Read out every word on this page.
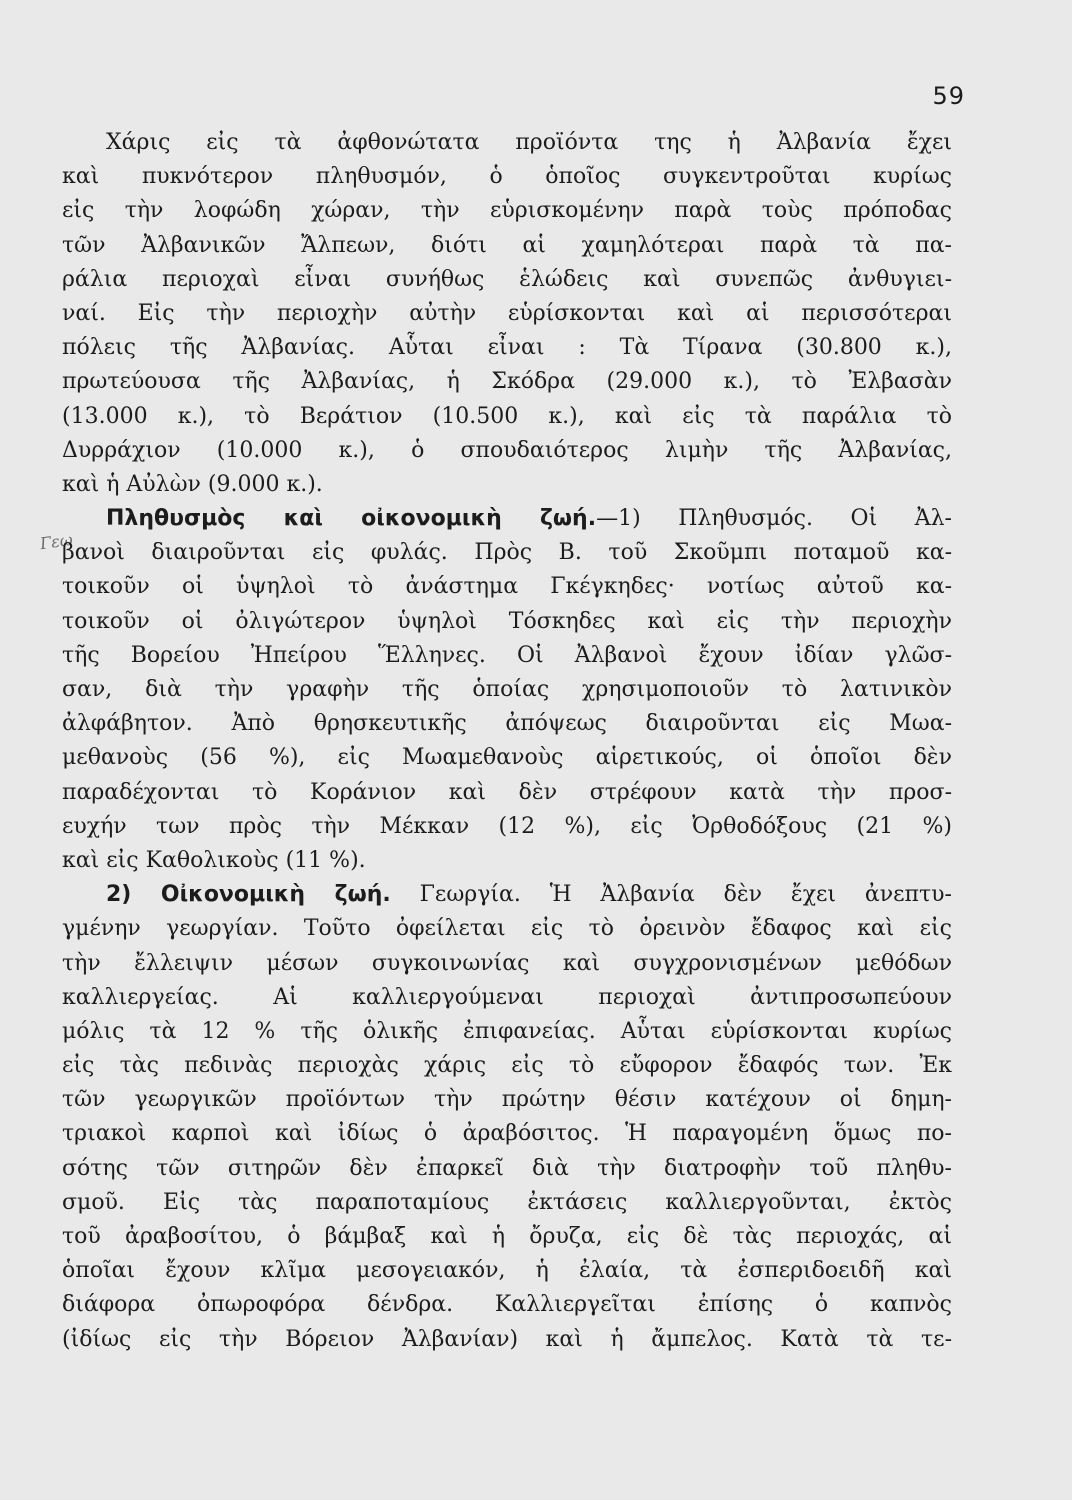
59
Γεω
Χάρις εἰς τὰ ἀφθονώτατα προϊόντα της ἡ Ἀλβανία ἔχει
καὶ πυκνότερον πληθυσμόν, ὁ ὁποῖος συγκεντροῦται κυρίως
εἰς τὴν λοφώδη χώραν, τὴν εὑρισκομένην παρὰ τοὺς πρόποδας
τῶν Ἀλβανικῶν Ἄλπεων, διότι αἱ χαμηλότεραι παρὰ τὰ πα-
ράλια περιοχαὶ εἶναι συνήθως ἑλώδεις καὶ συνεπῶς ἀνθυγιει-
ναί. Εἰς τὴν περιοχὴν αὐτὴν εὑρίσκονται καὶ αἱ περισσότεραι
πόλεις τῆς Ἀλβανίας. Αὗται εἶναι : Τὰ Τίρανα (30.800 κ.),
πρωτεύουσα τῆς Ἀλβανίας, ἡ Σκόδρα (29.000 κ.), τὸ Ἐλβασὰν
(13.000 κ.), τὸ Βεράτιον (10.500 κ.), καὶ εἰς τὰ παράλια τὸ
Δυρράχιον (10.000 κ.), ὁ σπουδαιότερος λιμὴν τῆς Ἀλβανίας,
καὶ ἡ Αὐλὼν (9.000 κ.).
Πληθυσμὸς καὶ οἰκονομικὴ ζωή.—1) Πληθυσμός. Οἱ Ἀλ-
βανοὶ διαιροῦνται εἰς φυλάς. Πρὸς Β. τοῦ Σκοῦμπι ποταμοῦ κα-
τοικοῦν οἱ ὑψηλοὶ τὸ ἀνάστημα Γκέγκηδες· νοτίως αὐτοῦ κα-
τοικοῦν οἱ ὀλιγώτερον ὑψηλοὶ Τόσκηδες καὶ εἰς τὴν περιοχὴν
τῆς Βορείου Ἠπείρου Ἕλληνες. Οἱ Ἀλβανοὶ ἔχουν ἰδίαν γλῶσ-
σαν, διὰ τὴν γραφὴν τῆς ὁποίας χρησιμοποιοῦν τὸ λατινικὸν
ἀλφάβητον. Ἀπὸ θρησκευτικῆς ἀπόψεως διαιροῦνται εἰς Μωα-
μεθανοὺς (56 %), εἰς Μωαμεθανοὺς αἱρετικούς, οἱ ὁποῖοι δὲν
παραδέχονται τὸ Κοράνιον καὶ δὲν στρέφουν κατὰ τὴν προσ-
ευχήν των πρὸς τὴν Μέκκαν (12 %), εἰς Ὀρθοδόξους (21 %)
καὶ εἰς Καθολικοὺς (11 %).
2) Οἰκονομικὴ ζωή. Γεωργία. Ἡ Ἀλβανία δὲν ἔχει ἀνεπτυ-
γμένην γεωργίαν. Τοῦτο ὀφείλεται εἰς τὸ ὀρεινὸν ἔδαφος καὶ εἰς
τὴν ἔλλειψιν μέσων συγκοινωνίας καὶ συγχρονισμένων μεθόδων
καλλιεργείας. Αἱ καλλιεργούμεναι περιοχαὶ ἀντιπροσωπεύουν
μόλις τὰ 12 % τῆς ὁλικῆς ἐπιφανείας. Αὗται εὑρίσκονται κυρίως
εἰς τὰς πεδινὰς περιοχὰς χάρις εἰς τὸ εὔφορον ἔδαφός των. Ἐκ
τῶν γεωργικῶν προϊόντων τὴν πρώτην θέσιν κατέχουν οἱ δημη-
τριακοὶ καρποὶ καὶ ἰδίως ὁ ἀραβόσιτος. Ἡ παραγομένη ὅμως πο-
σότης τῶν σιτηρῶν δὲν ἐπαρκεῖ διὰ τὴν διατροφὴν τοῦ πληθυ-
σμοῦ. Εἰς τὰς παραποταμίους ἐκτάσεις καλλιεργοῦνται, ἐκτὸς
τοῦ ἀραβοσίτου, ὁ βάμβαξ καὶ ἡ ὄρυζα, εἰς δὲ τὰς περιοχάς, αἱ
ὁποῖαι ἔχουν κλῖμα μεσογειακόν, ἡ ἐλαία, τὰ ἐσπεριδοειδῆ καὶ
διάφορα ὀπωροφόρα δένδρα. Καλλιεργεῖται ἐπίσης ὁ καπνὸς
(ἰδίως εἰς τὴν Βόρειον Ἀλβανίαν) καὶ ἡ ἄμπελος. Κατὰ τὰ τε-
